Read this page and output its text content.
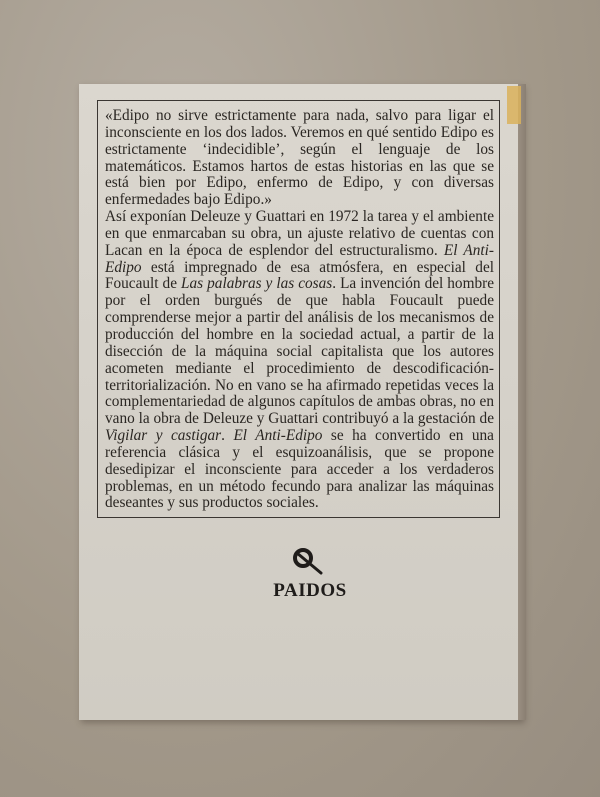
«Edipo no sirve estrictamente para nada, salvo para ligar el inconsciente en los dos lados. Veremos en qué sentido Edipo es estrictamente ‘indecidible’, según el lenguaje de los matemáticos. Estamos hartos de estas historias en las que se está bien por Edipo, enfermo de Edipo, y con diversas enfermedades bajo Edipo.»

Así exponían Deleuze y Guattari en 1972 la tarea y el ambiente en que enmarcaban su obra, un ajuste relativo de cuentas con Lacan en la época de esplendor del estructuralismo. El Anti-Edipo está impregnado de esa atmósfera, en especial del Foucault de Las palabras y las cosas. La invención del hombre por el orden burgués de que habla Foucault puede comprenderse mejor a partir del análisis de los mecanismos de producción del hombre en la sociedad actual, a partir de la disección de la máquina social capitalista que los autores acometen mediante el procedimiento de descodificación-territorialización. No en vano se ha afirmado repetidas veces la complementariedad de algunos capítulos de ambas obras, no en vano la obra de Deleuze y Guattari contribuyó a la gestación de Vigilar y castigar. El Anti-Edipo se ha convertido en una referencia clásica y el esquizoanálisis, que se propone desedipizar el inconsciente para acceder a los verdaderos problemas, en un método fecundo para analizar las máquinas deseantes y sus productos sociales.

PAIDOS
